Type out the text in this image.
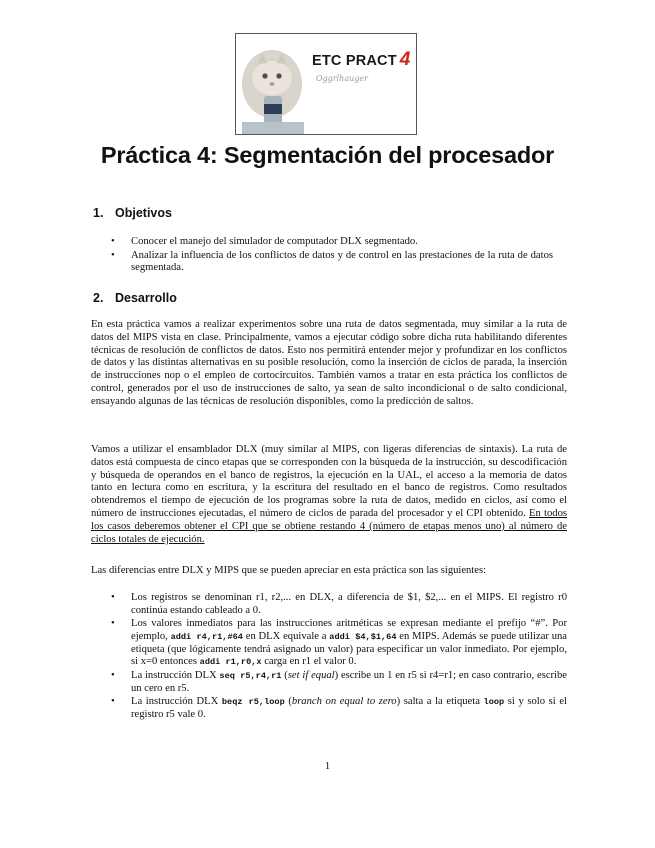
ETC PRACT 4
Oggrlhauger
Práctica 4: Segmentación del procesador
1. Objetivos
• Conocer el manejo del simulador de computador DLX segmentado.
• Analizar la influencia de los conflictos de datos y de control en las prestaciones de la ruta de datos segmentada.
2. Desarrollo

En esta práctica vamos a realizar experimentos sobre una ruta de datos segmentada, muy similar a la ruta de datos del MIPS vista en clase. Principalmente, vamos a ejecutar código sobre dicha ruta habilitando diferentes técnicas de resolución de conflictos de datos. Esto nos permitirá entender mejor y profundizar en los conflictos de datos y las distintas alternativas en su posible resolución, como la inserción de ciclos de parada, la inserción de instrucciones nop o el empleo de cortocircuitos. También vamos a tratar en esta práctica los conflictos de control, generados por el uso de instrucciones de salto, ya sean de salto incondicional o de salto condicional, ensayando algunas de las técnicas de resolución disponibles, como la predicción de saltos.

Vamos a utilizar el ensamblador DLX (muy similar al MIPS, con ligeras diferencias de sintaxis). La ruta de datos está compuesta de cinco etapas que se corresponden con la búsqueda de la instrucción, su descodificación y búsqueda de operandos en el banco de registros, la ejecución en la UAL, el acceso a la memoria de datos tanto en lectura como en escritura, y la escritura del resultado en el banco de registros. Como resultados obtendremos el tiempo de ejecución de los programas sobre la ruta de datos, medido en ciclos, así como el número de instrucciones ejecutadas, el número de ciclos de parada del procesador y el CPI obtenido. En todos los casos deberemos obtener el CPI que se obtiene restando 4 (número de etapas menos uno) al número de ciclos totales de ejecución.

Las diferencias entre DLX y MIPS que se pueden apreciar en esta práctica son las siguientes:

• Los registros se denominan r1, r2,... en DLX, a diferencia de $1, $2,... en el MIPS. El registro r0 continúa estando cableado a 0.
• Los valores inmediatos para las instrucciones aritméticas se expresan mediante el prefijo “#”. Por ejemplo, addi r4,r1,#64 en DLX equivale a addi $4,$1,64 en MIPS. Además se puede utilizar una etiqueta (que lógicamente tendrá asignado un valor) para especificar un valor inmediato. Por ejemplo, si x=0 entonces addi r1,r0,x carga en r1 el valor 0.
• La instrucción DLX seq r5,r4,r1 (set if equal) escribe un 1 en r5 si r4=r1; en caso contrario, escribe un cero en r5.
• La instrucción DLX beqz r5,loop (branch on equal to zero) salta a la etiqueta loop si y solo si el registro r5 vale 0.
1
